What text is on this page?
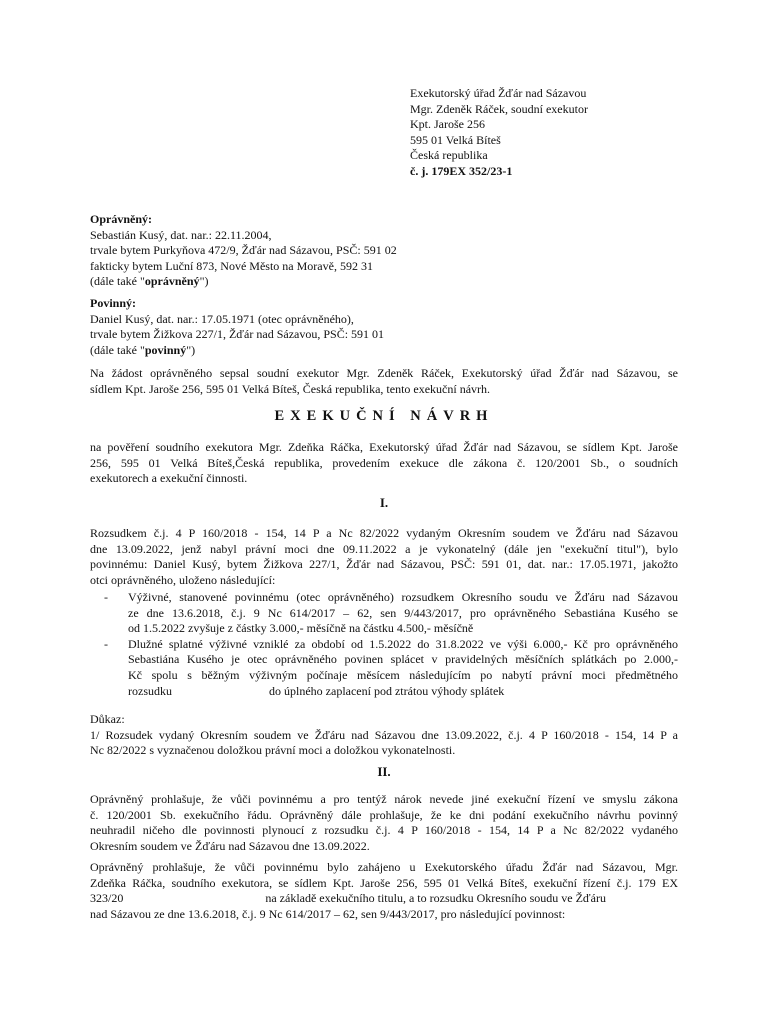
Exekutorský úřad Žďár nad Sázavou
Mgr. Zdeněk Ráček, soudní exekutor
Kpt. Jaroše 256
595 01 Velká Bíteš
Česká republika
č. j. 179EX 352/23-1
Oprávněný:
Sebastián Kusý, dat. nar.: 22.11.2004,
trvale bytem Purkyňova 472/9, Žďár nad Sázavou, PSČ: 591 02
fakticky bytem Luční 873, Nové Město na Moravě, 592 31
(dále také "oprávněný")
Povinný:
Daniel Kusý, dat. nar.: 17.05.1971 (otec oprávněného),
trvale bytem Žižkova 227/1, Žďár nad Sázavou, PSČ: 591 01
(dále také "povinný")
Na žádost oprávněného sepsal soudní exekutor Mgr. Zdeněk Ráček, Exekutorský úřad Žďár nad Sázavou, se
sídlem Kpt. Jaroše 256, 595 01 Velká Bíteš, Česká republika, tento exekuční návrh.
EXEKUČNÍ NÁVRH
na pověření soudního exekutora Mgr. Zdeňka Ráčka, Exekutorský úřad Žďár nad Sázavou, se sídlem Kpt. Jaroše
256, 595 01 Velká Bíteš,Česká republika, provedením exekuce dle zákona č. 120/2001 Sb., o soudních
exekutorech a exekuční činnosti.
I.
Rozsudkem č.j. 4 P 160/2018 - 154, 14 P a Nc 82/2022 vydaným Okresním soudem ve Žďáru nad Sázavou
dne 13.09.2022, jenž nabyl právní moci dne 09.11.2022 a je vykonatelný (dále jen "exekuční titul"), bylo
povinnému: Daniel Kusý, bytem Žižkova 227/1, Žďár nad Sázavou, PSČ: 591 01, dat. nar.: 17.05.1971, jakožto
otci oprávněného, uloženo následující:
- Výživné, stanovené povinnému (otec oprávněného) rozsudkem Okresního soudu ve Žďáru nad Sázavou
ze dne 13.6.2018, č.j. 9 Nc 614/2017 – 62, sen 9/443/2017, pro oprávněného Sebastiána Kusého se
od 1.5.2022 zvyšuje z částky 3.000,- měsíčně na částku 4.500,- měsíčně
- Dlužné splatné výživné vzniklé za období od 1.5.2022 do 31.8.2022 ve výši 6.000,- Kč pro oprávněného
Sebastiána Kusého je otec oprávněného povinen splácet v pravidelných měsíčních splátkách po 2.000,-
Kč spolu s běžným výživným počínaje měsícem následujícím po nabytí právní moci předmětného
rozsudku	do úplného zaplacení pod ztrátou výhody splátek
Důkaz:
1/ Rozsudek vydaný Okresním soudem ve Žďáru nad Sázavou dne 13.09.2022, č.j. 4 P 160/2018 - 154, 14 P a
Nc 82/2022 s vyznačenou doložkou právní moci a doložkou vykonatelnosti.
II.
Oprávněný prohlašuje, že vůči povinnému a pro tentýž nárok nevede jiné exekuční řízení ve smyslu zákona
č. 120/2001 Sb. exekučního řádu. Oprávněný dále prohlašuje, že ke dni podání exekučního návrhu povinný
neuhradil ničeho dle povinnosti plynoucí z rozsudku č.j. 4 P 160/2018 - 154, 14 P a Nc 82/2022 vydaného
Okresním soudem ve Žďáru nad Sázavou dne 13.09.2022.
Oprávněný prohlašuje, že vůči povinnému bylo zahájeno u Exekutorského úřadu Žďár nad Sázavou, Mgr.
Zdeňka Ráčka, soudního exekutora, se sídlem Kpt. Jaroše 256, 595 01 Velká Bíteš, exekuční řízení č.j. 179 EX
323/20	na základě exekučního titulu, a to rozsudku Okresního soudu ve Žďáru
nad Sázavou ze dne 13.6.2018, č.j. 9 Nc 614/2017 – 62, sen 9/443/2017, pro následující povinnost:
